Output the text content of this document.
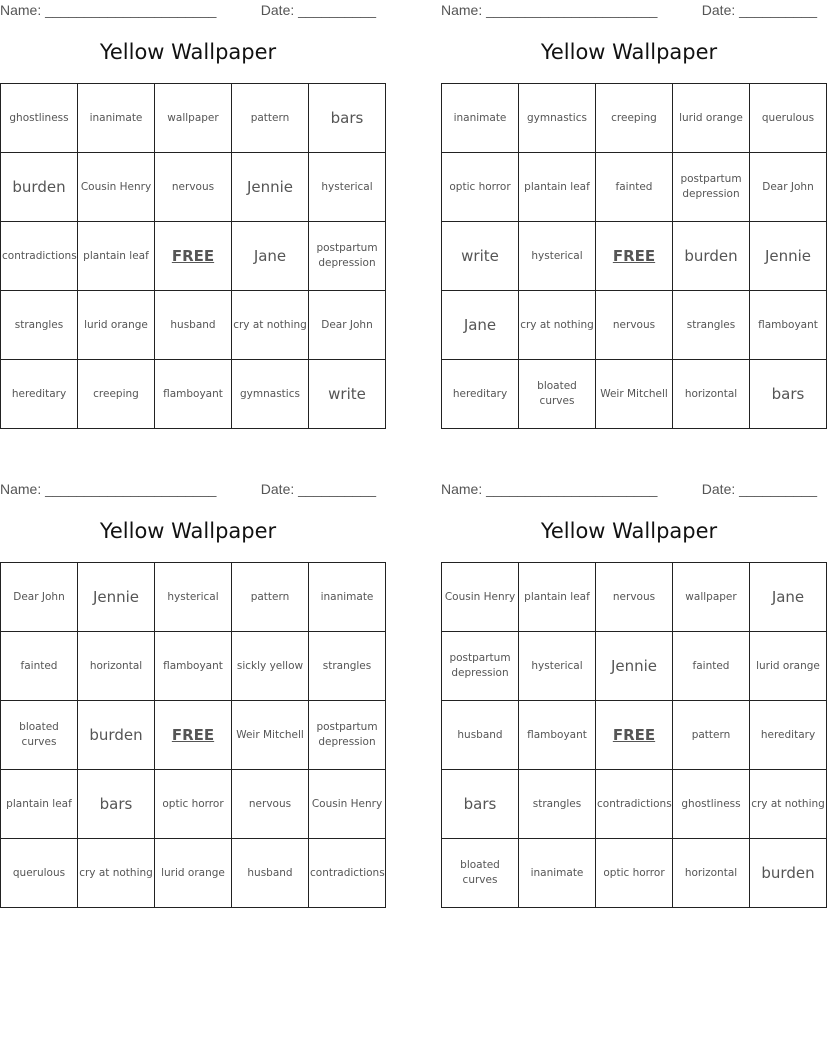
Name: ______________________	Date: __________
Yellow Wallpaper
ghostliness	inanimate	wallpaper	pattern	bars
burden	Cousin Henry	nervous	Jennie	hysterical
contradictions	plantain leaf	FREE	Jane	postpartum depression
strangles	lurid orange	husband	cry at nothing	Dear John
hereditary	creeping	flamboyant	gymnastics	write
Name: ______________________	Date: __________
Yellow Wallpaper
inanimate	gymnastics	creeping	lurid orange	querulous
optic horror	plantain leaf	fainted	postpartum depression	Dear John
write	hysterical	FREE	burden	Jennie
Jane	cry at nothing	nervous	strangles	flamboyant
hereditary	bloated curves	Weir Mitchell	horizontal	bars
Name: ______________________	Date: __________
Yellow Wallpaper
Dear John	Jennie	hysterical	pattern	inanimate
fainted	horizontal	flamboyant	sickly yellow	strangles
bloated curves	burden	FREE	Weir Mitchell	postpartum depression
plantain leaf	bars	optic horror	nervous	Cousin Henry
querulous	cry at nothing	lurid orange	husband	contradictions
Name: ______________________	Date: __________
Yellow Wallpaper
Cousin Henry	plantain leaf	nervous	wallpaper	Jane
postpartum depression	hysterical	Jennie	fainted	lurid orange
husband	flamboyant	FREE	pattern	hereditary
bars	strangles	contradictions	ghostliness	cry at nothing
bloated curves	inanimate	optic horror	horizontal	burden
